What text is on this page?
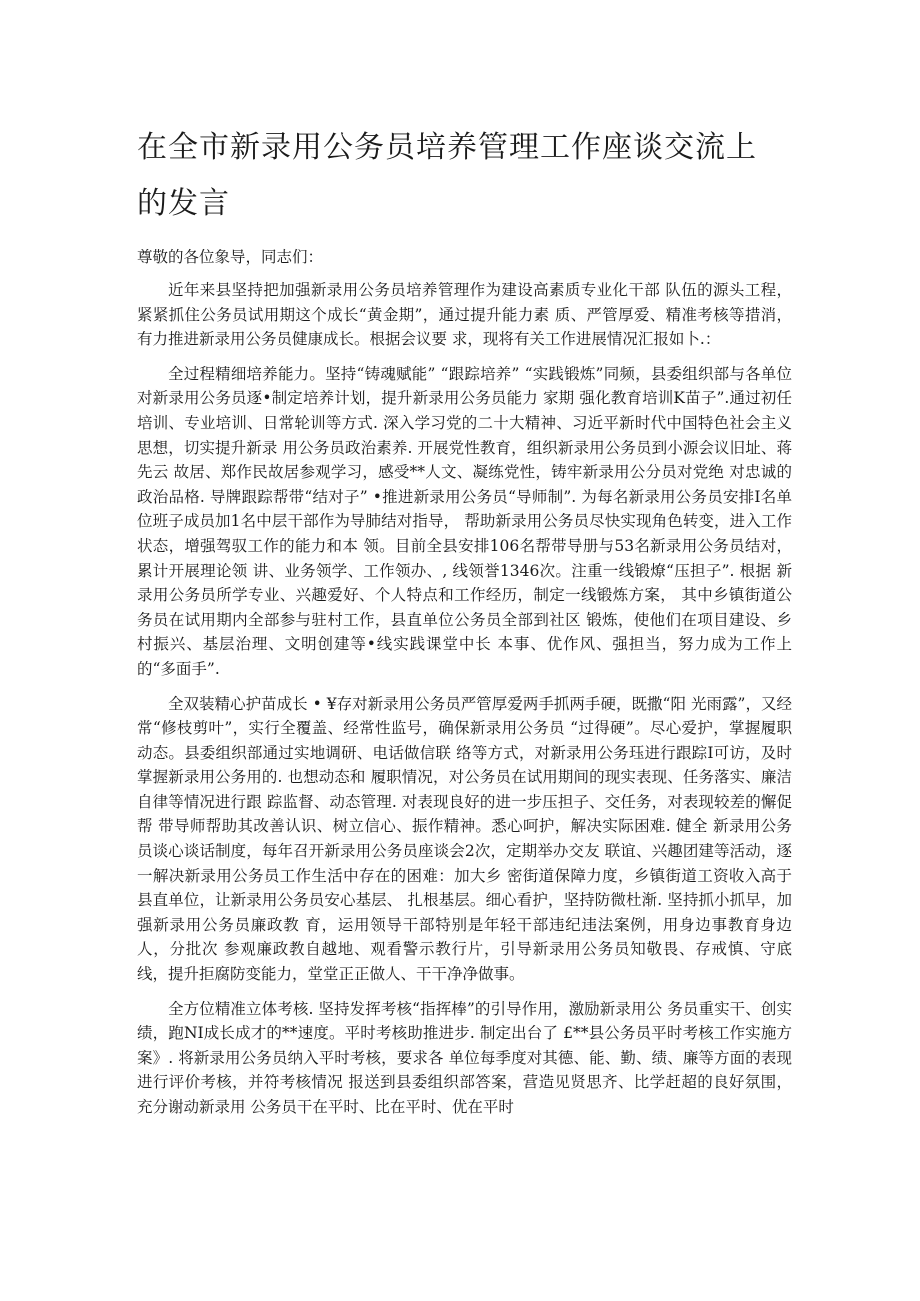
在全市新录用公务员培养管理工作座谈交流上的发言

尊敬的各位象导，同志们：

近年来县坚持把加强新录用公务员培养管理作为建设高素质专业化干部 队伍的源头工程，紧紧抓住公务员试用期这个成长“黄金期”，通过提升能力素 质、严管厚爱、精准考核等措消，有力推进新录用公务员健康成长。根据会议要 求，现将有关工作进展情况汇报如卜.：

全过程精细培养能力。坚持“铸魂赋能” “跟踪培养” “实践锻炼”同频，县委组织部与各单位对新录用公务员逐•制定培养计划，提升新录用公务员能力 家期 强化教育培训K苗子”.通过初任培训、专业培训、日常轮训等方式. 深入学习党的二十大精神、习近平新时代中国特色社会主义思想，切实提升新录 用公务员政治素养. 开展党性教育，组织新录用公务员到小源会议旧址、蒋先云 故居、郑作民故居参观学习，感受**人文、凝练党性，铸牢新录用公分员对党绝 对忠诚的政治品格. 导牌跟踪帮带“结对子” •推进新录用公务员“导师制”. 为每名新录用公务员安排I名单位班子成员加1名中层干部作为导肺结对指导， 帮助新录用公务员尽快实现角色转变，进入工作状态，增强驾驭工作的能力和本 领。目前全县安排106名帮带导册与53名新录用公务员结对，累计开展理论领 讲、业务领学、工作领办、, 线领誉1346次。注重一线锻燎“压担子”. 根据 新录用公务员所学专业、兴趣爱好、个人特点和工作经历，制定一线锻炼方案， 其中乡镇街道公务员在试用期内全部参与驻村工作，县直单位公务员全部到社区 锻炼，使他们在项目建设、乡村振兴、基层治理、文明创建等•线实践课堂中长 本事、优作风、强担当，努力成为工作上的“多面手”.

全双装精心护苗成长 • ¥存对新录用公务员严管厚爱两手抓两手硬，既撒“阳 光雨露”，又经常“修枝剪叶”，实行全覆盖、经常性监号，确保新录用公务员 “过得硬”。尽心爱护，掌握履职动态。县委组织部通过实地调研、电话做信联 络等方式，对新录用公务珏进行跟踪I可访，及时掌握新录用公务用的. 也想动态和 履职情况，对公务员在试用期间的现实表现、任务落实、廉洁自律等情况进行跟 踪监督、动态管理. 对表现良好的进一步压担子、交任务，对表现较差的懈促帮 带导师帮助其改善认识、树立信心、振作精神。悉心呵护，解决实际困难. 健全 新录用公务员谈心谈话制度，每年召开新录用公务员座谈会2次，定期举办交友 联谊、兴趣团建等活动，逐一解决新录用公务员工作生活中存在的困难：加大乡 密街道保障力度，乡镇街道工资收入高于县直单位，让新录用公务员安心基层、 扎根基层。细心看护，坚持防微杜渐. 坚持抓小抓早，加强新录用公务员廉政教 育，运用领导干部特别是年轻干部违纪违法案例，用身边事教育身边人，分批次 参观廉政教自越地、观看警示教行片，引导新录用公务员知敬畏、存戒慎、守底 线，提升拒腐防变能力，堂堂正正做人、干干净净做事。

全方位精准立体考核. 坚持发挥考核“指挥棒”的引导作用，激励新录用公 务员重实干、创实绩，跑NI成长成才的**速度。平时考核助推进步. 制定出台了 £**县公务员平时考核工作实施方案》. 将新录用公务员纳入平时考核，要求各 单位每季度对其德、能、勤、绩、廉等方面的表现进行评价考核，并符考核情况 报送到县委组织部答案，营造见贤思齐、比学赶超的良好氛围，充分谢动新录用 公务员干在平时、比在平时、优在平时
